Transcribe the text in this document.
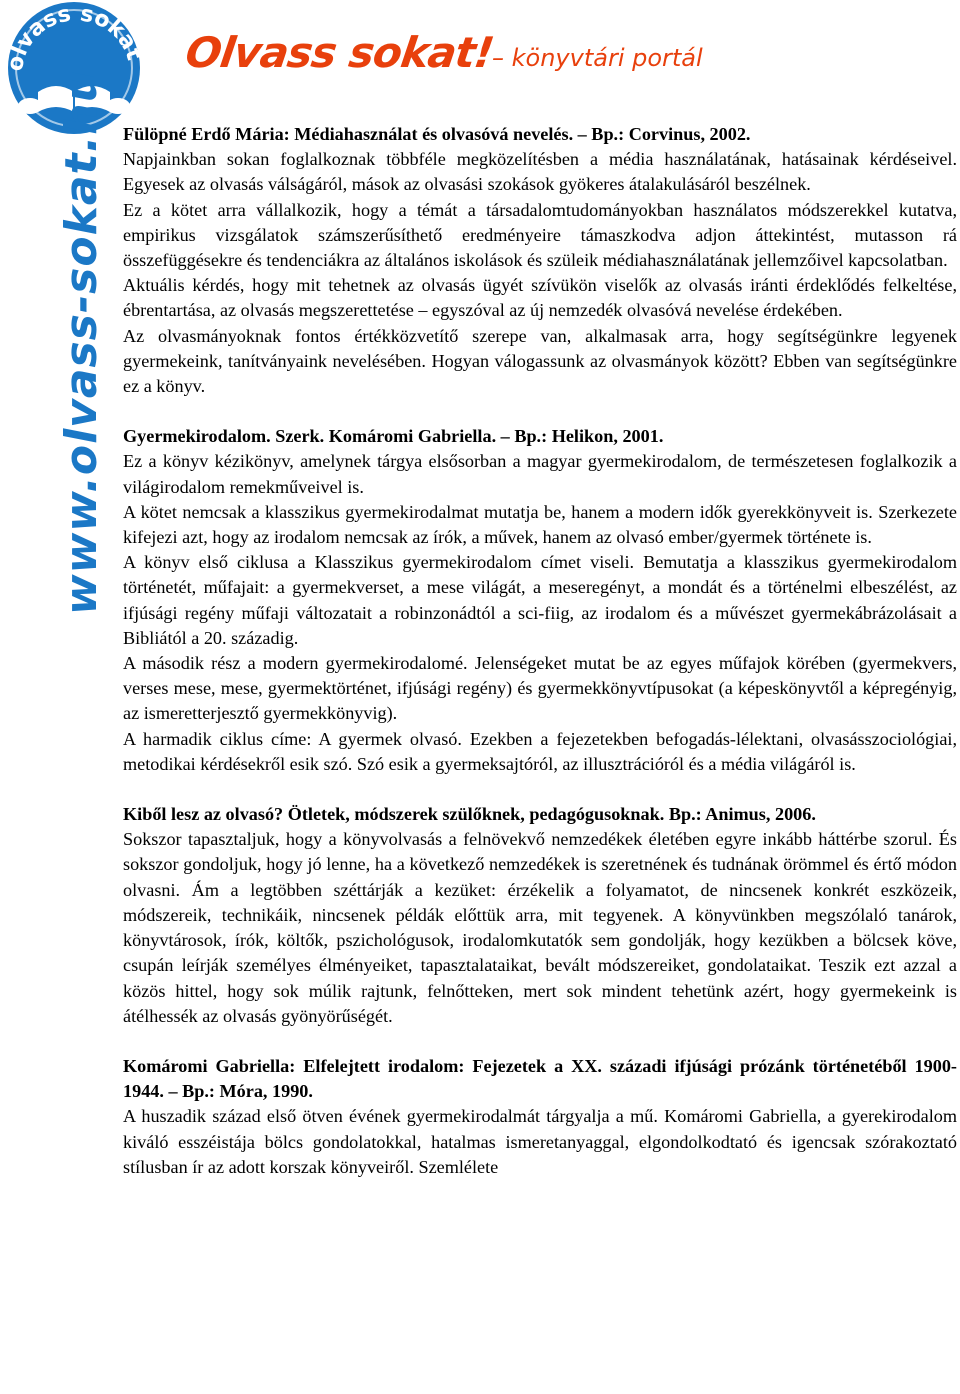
olvass sokat Olvass sokat!
– könyvtári portál
www.olvass-sokat.hu Fülöpné Erdő Mária: Médiahasználat és olvasóvá nevelés. – Bp.: Corvinus, 2002.

Napjainkban sokan foglalkoznak többféle megközelítésben a média használatának, hatásainak kérdéseivel. Egyesek az olvasás válságáról, mások az olvasási szokások gyökeres átalakulásáról beszélnek.

Ez a kötet arra vállalkozik, hogy a témát a társadalomtudományokban használatos módszerekkel kutatva, empirikus vizsgálatok számszerűsíthető eredményeire támaszkodva adjon áttekintést, mutasson rá összefüggésekre és tendenciákra az általános iskolások és szüleik médiahasználatának jellemzőivel kapcsolatban.

Aktuális kérdés, hogy mit tehetnek az olvasás ügyét szívükön viselők az olvasás iránti érdeklődés felkeltése, ébrentartása, az olvasás megszerettetése – egyszóval az új nemzedék olvasóvá nevelése érdekében.

Az olvasmányoknak fontos értékközvetítő szerepe van, alkalmasak arra, hogy segítségünkre legyenek gyermekeink, tanítványaink nevelésében. Hogyan válogassunk az olvasmányok között? Ebben van segítségünkre ez a könyv.

Gyermekirodalom. Szerk. Komáromi Gabriella. – Bp.: Helikon, 2001.

Ez a könyv kézikönyv, amelynek tárgya elsősorban a magyar gyermekirodalom, de természetesen foglalkozik a világirodalom remekműveivel is.

A kötet nemcsak a klasszikus gyermekirodalmat mutatja be, hanem a modern idők gyerekkönyveit is. Szerkezete kifejezi azt, hogy az irodalom nemcsak az írók, a művek, hanem az olvasó ember/gyermek története is.

A könyv első ciklusa a Klasszikus gyermekirodalom címet viseli. Bemutatja a klasszikus gyermekirodalom történetét, műfajait: a gyermekverset, a mese világát, a meseregényt, a mondát és a történelmi elbeszélést, az ifjúsági regény műfaji változatait a robinzonádtól a sci-fiig, az irodalom és a művészet gyermekábrázolásait a Bibliától a 20. századig.

A második rész a modern gyermekirodalomé. Jelenségeket mutat be az egyes műfajok körében (gyermekvers, verses mese, mese, gyermektörténet, ifjúsági regény) és gyermekkönyvtípusokat (a képeskönyvtől a képregényig, az ismeretterjesztő gyermekkönyvig).

A harmadik ciklus címe: A gyermek olvasó. Ezekben a fejezetekben befogadás-lélektani, olvasásszociológiai, metodikai kérdésekről esik szó. Szó esik a gyermeksajtóról, az illusztrációról és a média világáról is.

Kiből lesz az olvasó? Ötletek, módszerek szülőknek, pedagógusoknak. Bp.: Animus, 2006.

Sokszor tapasztaljuk, hogy a könyvolvasás a felnövekvő nemzedékek életében egyre inkább háttérbe szorul. És sokszor gondoljuk, hogy jó lenne, ha a következő nemzedékek is szeretnének és tudnának örömmel és értő módon olvasni. Ám a legtöbben széttárják a kezüket: érzékelik a folyamatot, de nincsenek konkrét eszközeik, módszereik, technikáik, nincsenek példák előttük arra, mit tegyenek. A könyvünkben megszólaló tanárok, könyvtárosok, írók, költők, pszichológusok, irodalomkutatók sem gondolják, hogy kezükben a bölcsek köve, csupán leírják személyes élményeiket, tapasztalataikat, bevált módszereiket, gondolataikat. Teszik ezt azzal a közös hittel, hogy sok múlik rajtunk, felnőtteken, mert sok mindent tehetünk azért, hogy gyermekeink is átélhessék az olvasás gyönyörűségét.

Komáromi Gabriella: Elfelejtett irodalom: Fejezetek a XX. századi ifjúsági prózánk történetéből 1900-1944. – Bp.: Móra, 1990.

A huszadik század első ötven évének gyermekirodalmát tárgyalja a mű. Komáromi Gabriella, a gyerekirodalom kiváló esszéistája bölcs gondolatokkal, hatalmas ismeretanyaggal, elgondolkodtató és igencsak szórakoztató stílusban ír az adott korszak könyveiről. Szemlélete
